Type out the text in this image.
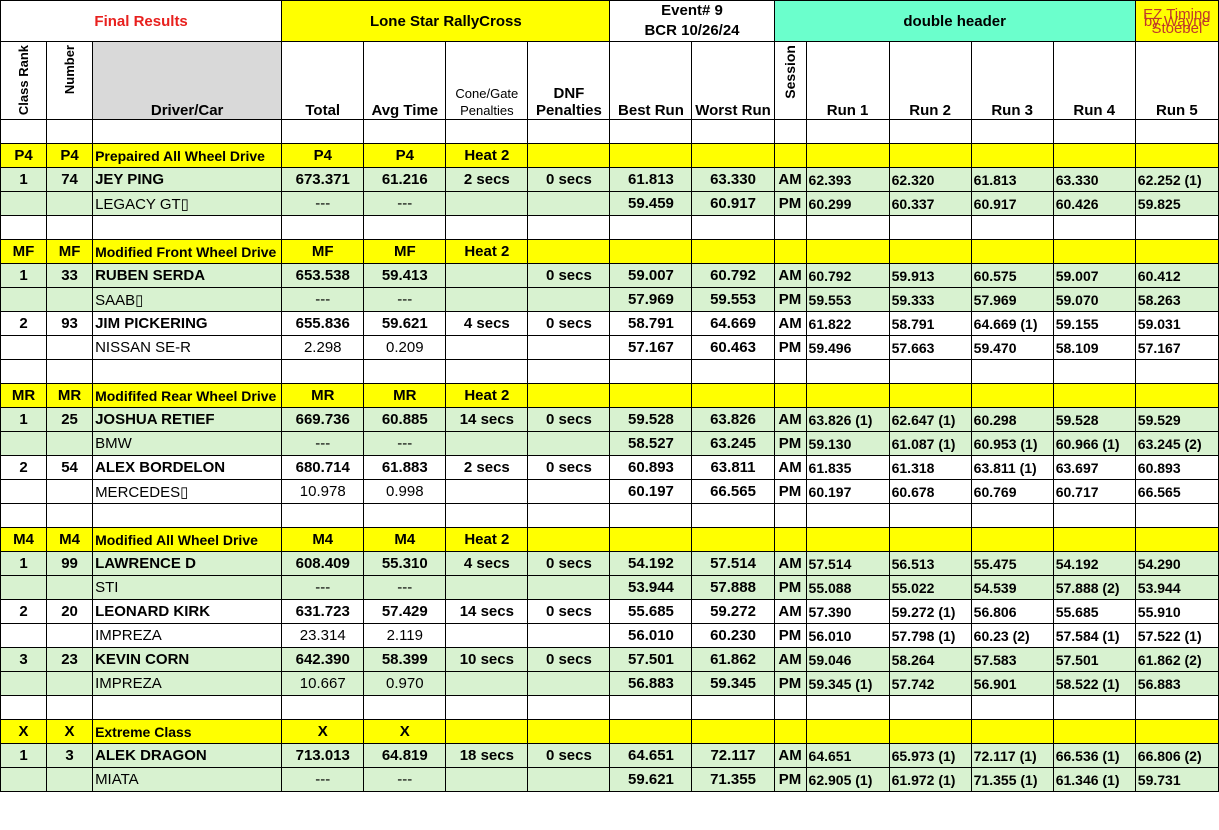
Final Results			Lone Star RallyCross				Event# 9
BCR 10/26/24		double header					EZ Timing by Wayne Stoebel
Class Rank	Number	Driver/Car	Total	Avg Time	Cone/Gate Penalties	DNF Penalties	Best Run	Worst Run	Session	Run 1	Run 2	Run 3	Run 4	Run 5

P4	P4	Prepaired All Wheel Drive	P4	P4	Heat 2									
1	74	JEY PING	673.371	61.216	2 secs	0 secs	61.813	63.330	AM	62.393	62.320	61.813	63.330	62.252 (1)
		LEGACY GT▯	---	---			59.459	60.917	PM	60.299	60.337	60.917	60.426	59.825

MF	MF	Modified Front Wheel Drive	MF	MF	Heat 2									
1	33	RUBEN SERDA	653.538	59.413		0 secs	59.007	60.792	AM	60.792	59.913	60.575	59.007	60.412
		SAAB▯	---	---			57.969	59.553	PM	59.553	59.333	57.969	59.070	58.263
2	93	JIM PICKERING	655.836	59.621	4 secs	0 secs	58.791	64.669	AM	61.822	58.791	64.669 (1)	59.155	59.031
		NISSAN SE-R	2.298	0.209			57.167	60.463	PM	59.496	57.663	59.470	58.109	57.167

MR	MR	Modififed Rear Wheel Drive	MR	MR	Heat 2									
1	25	JOSHUA RETIEF	669.736	60.885	14 secs	0 secs	59.528	63.826	AM	63.826 (1)	62.647 (1)	60.298	59.528	59.529
		BMW	---	---			58.527	63.245	PM	59.130	61.087 (1)	60.953 (1)	60.966 (1)	63.245 (2)
2	54	ALEX BORDELON	680.714	61.883	2 secs	0 secs	60.893	63.811	AM	61.835	61.318	63.811 (1)	63.697	60.893
		MERCEDES▯	10.978	0.998			60.197	66.565	PM	60.197	60.678	60.769	60.717	66.565

M4	M4	Modified All Wheel Drive	M4	M4	Heat 2									
1	99	LAWRENCE D	608.409	55.310	4 secs	0 secs	54.192	57.514	AM	57.514	56.513	55.475	54.192	54.290
		STI	---	---			53.944	57.888	PM	55.088	55.022	54.539	57.888 (2)	53.944
2	20	LEONARD KIRK	631.723	57.429	14 secs	0 secs	55.685	59.272	AM	57.390	59.272 (1)	56.806	55.685	55.910
		IMPREZA	23.314	2.119			56.010	60.230	PM	56.010	57.798 (1)	60.23 (2)	57.584 (1)	57.522 (1)
3	23	KEVIN CORN	642.390	58.399	10 secs	0 secs	57.501	61.862	AM	59.046	58.264	57.583	57.501	61.862 (2)
		IMPREZA	10.667	0.970			56.883	59.345	PM	59.345 (1)	57.742	56.901	58.522 (1)	56.883

X	X	Extreme Class	X	X										
1	3	ALEK DRAGON	713.013	64.819	18 secs	0 secs	64.651	72.117	AM	64.651	65.973 (1)	72.117 (1)	66.536 (1)	66.806 (2)
		MIATA	---	---			59.621	71.355	PM	62.905 (1)	61.972 (1)	71.355 (1)	61.346 (1)	59.731
